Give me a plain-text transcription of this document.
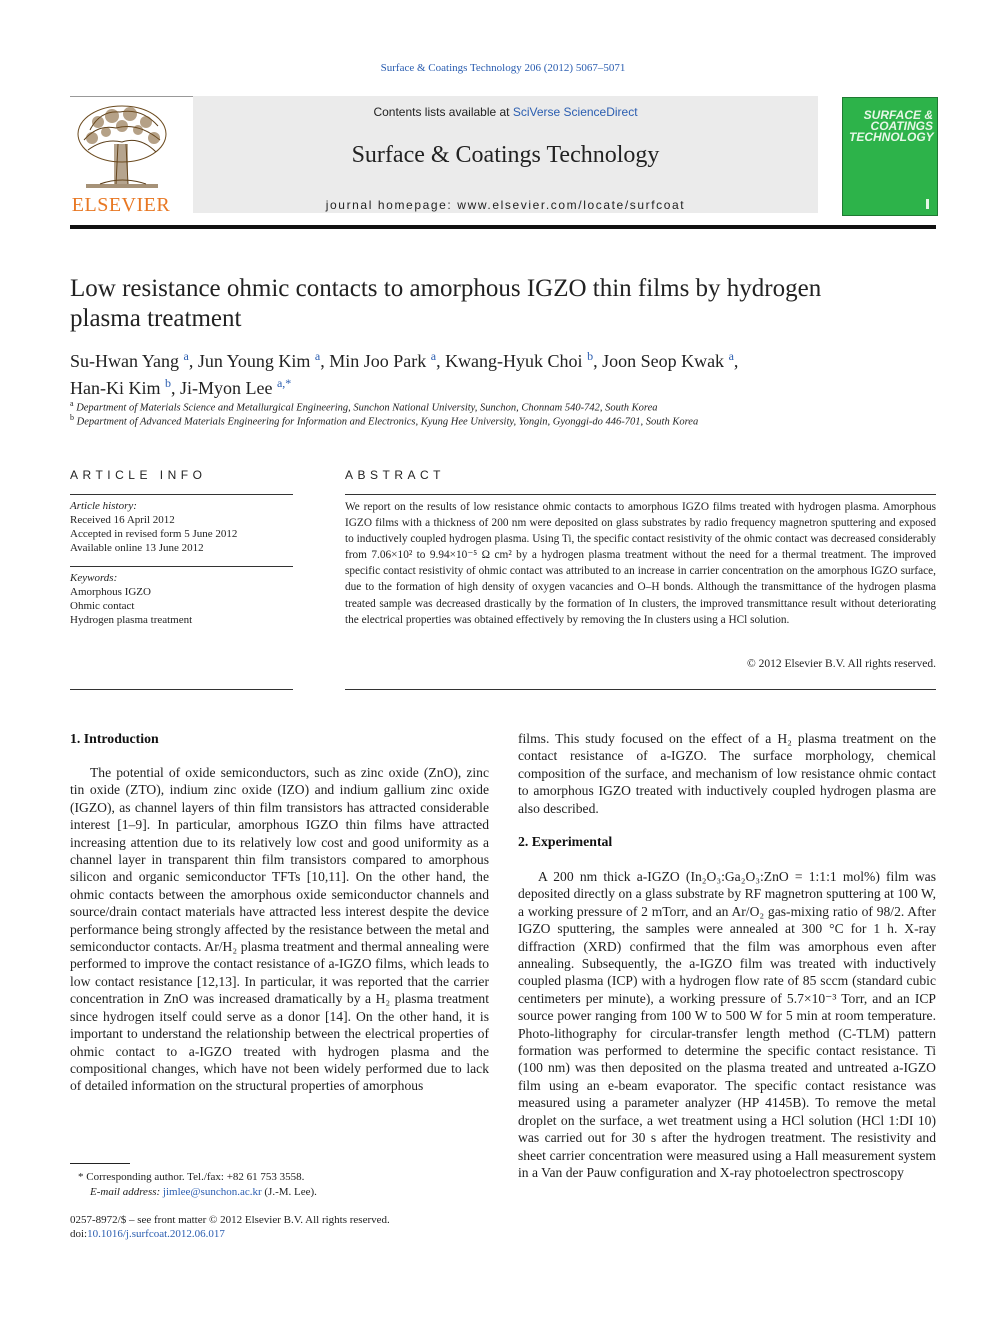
Surface & Coatings Technology 206 (2012) 5067–5071
Contents lists available at SciVerse ScienceDirect
Surface & Coatings Technology
journal homepage: www.elsevier.com/locate/surfcoat
ELSEVIER
SURFACE & COATINGS TECHNOLOGY
Low resistance ohmic contacts to amorphous IGZO thin films by hydrogen
plasma treatment
Su-Hwan Yang $^a$, Jun Young Kim $^a$, Min Joo Park $^a$, Kwang-Hyuk Choi $^b$, Joon Seop Kwak $^a$,
Han-Ki Kim $^b$, Ji-Myon Lee $^{a,*}$
$^a$ Department of Materials Science and Metallurgical Engineering, Sunchon National University, Sunchon, Chonnam 540-742, South Korea
$^b$ Department of Advanced Materials Engineering for Information and Electronics, Kyung Hee University, Yongin, Gyonggi-do 446-701, South Korea
ARTICLE INFO
Article history:
Received 16 April 2012
Accepted in revised form 5 June 2012
Available online 13 June 2012
Keywords:
Amorphous IGZO
Ohmic contact
Hydrogen plasma treatment
ABSTRACT
We report on the results of low resistance ohmic contacts to amorphous IGZO films treated with hydrogen plasma. Amorphous IGZO films with a thickness of 200 nm were deposited on glass substrates by radio frequency magnetron sputtering and exposed to inductively coupled hydrogen plasma. Using Ti, the specific contact resistivity of the ohmic contact was decreased considerably from 7.06×10² to 9.94×10⁻⁵ Ω cm² by a hydrogen plasma treatment without the need for a thermal treatment. The improved specific contact resistivity of ohmic contact was attributed to an increase in carrier concentration on the amorphous IGZO surface, due to the formation of high density of oxygen vacancies and O–H bonds. Although the transmittance of the hydrogen plasma treated sample was decreased drastically by the formation of In clusters, the improved transmittance result without deteriorating the electrical properties was obtained effectively by removing the In clusters using a HCl solution.
© 2012 Elsevier B.V. All rights reserved.
1. Introduction

The potential of oxide semiconductors, such as zinc oxide (ZnO), zinc tin oxide (ZTO), indium zinc oxide (IZO) and indium gallium zinc oxide (IGZO), as channel layers of thin film transistors has attracted considerable interest [1–9]. In particular, amorphous IGZO thin films have attracted increasing attention due to its relatively low cost and good uniformity as a channel layer in transparent thin film transistors compared to amorphous silicon and organic semiconductor TFTs [10,11]. On the other hand, the ohmic contacts between the amorphous oxide semiconductor channels and source/drain contact materials have attracted less interest despite the device performance being strongly affected by the resistance between the metal and semiconductor contacts. Ar/H₂ plasma treatment and thermal annealing were performed to improve the contact resistance of a-IGZO films, which leads to low contact resistance [12,13]. In particular, it was reported that the carrier concentration in ZnO was increased dramatically by a H₂ plasma treatment since hydrogen itself could serve as a donor [14]. On the other hand, it is important to understand the relationship between the electrical properties of ohmic contact to a-IGZO treated with hydrogen plasma and the compositional changes, which have not been widely performed due to lack of detailed information on the structural properties of amorphous

films. This study focused on the effect of a H₂ plasma treatment on the contact resistance of a-IGZO. The surface morphology, chemical composition of the surface, and mechanism of low resistance ohmic contact to amorphous IGZO treated with inductively coupled hydrogen plasma are also described.

2. Experimental

A 200 nm thick a-IGZO (In₂O₃:Ga₂O₃:ZnO = 1:1:1 mol%) film was deposited directly on a glass substrate by RF magnetron sputtering at 100 W, a working pressure of 2 mTorr, and an Ar/O₂ gas-mixing ratio of 98/2. After IGZO sputtering, the samples were annealed at 300 °C for 1 h. X-ray diffraction (XRD) confirmed that the film was amorphous even after annealing. Subsequently, the a-IGZO film was treated with inductively coupled plasma (ICP) with a hydrogen flow rate of 85 sccm (standard cubic centimeters per minute), a working pressure of 5.7×10⁻³ Torr, and an ICP source power ranging from 100 W to 500 W for 5 min at room temperature. Photo-lithography for circular-transfer length method (C-TLM) pattern formation was performed to determine the specific contact resistance. Ti (100 nm) was then deposited on the plasma treated and untreated a-IGZO film using an e-beam evaporator. The specific contact resistance was measured using a parameter analyzer (HP 4145B). To remove the metal droplet on the surface, a wet treatment using a HCl solution (HCl 1:DI 10) was carried out for 30 s after the hydrogen treatment. The resistivity and sheet carrier concentration were measured using a Hall measurement system in a Van der Pauw configuration and X-ray photoelectron spectroscopy

* Corresponding author. Tel./fax: +82 61 753 3558.
E-mail address: jimlee@sunchon.ac.kr (J.-M. Lee).
0257-8972/$ – see front matter © 2012 Elsevier B.V. All rights reserved.
doi:10.1016/j.surfcoat.2012.06.017
